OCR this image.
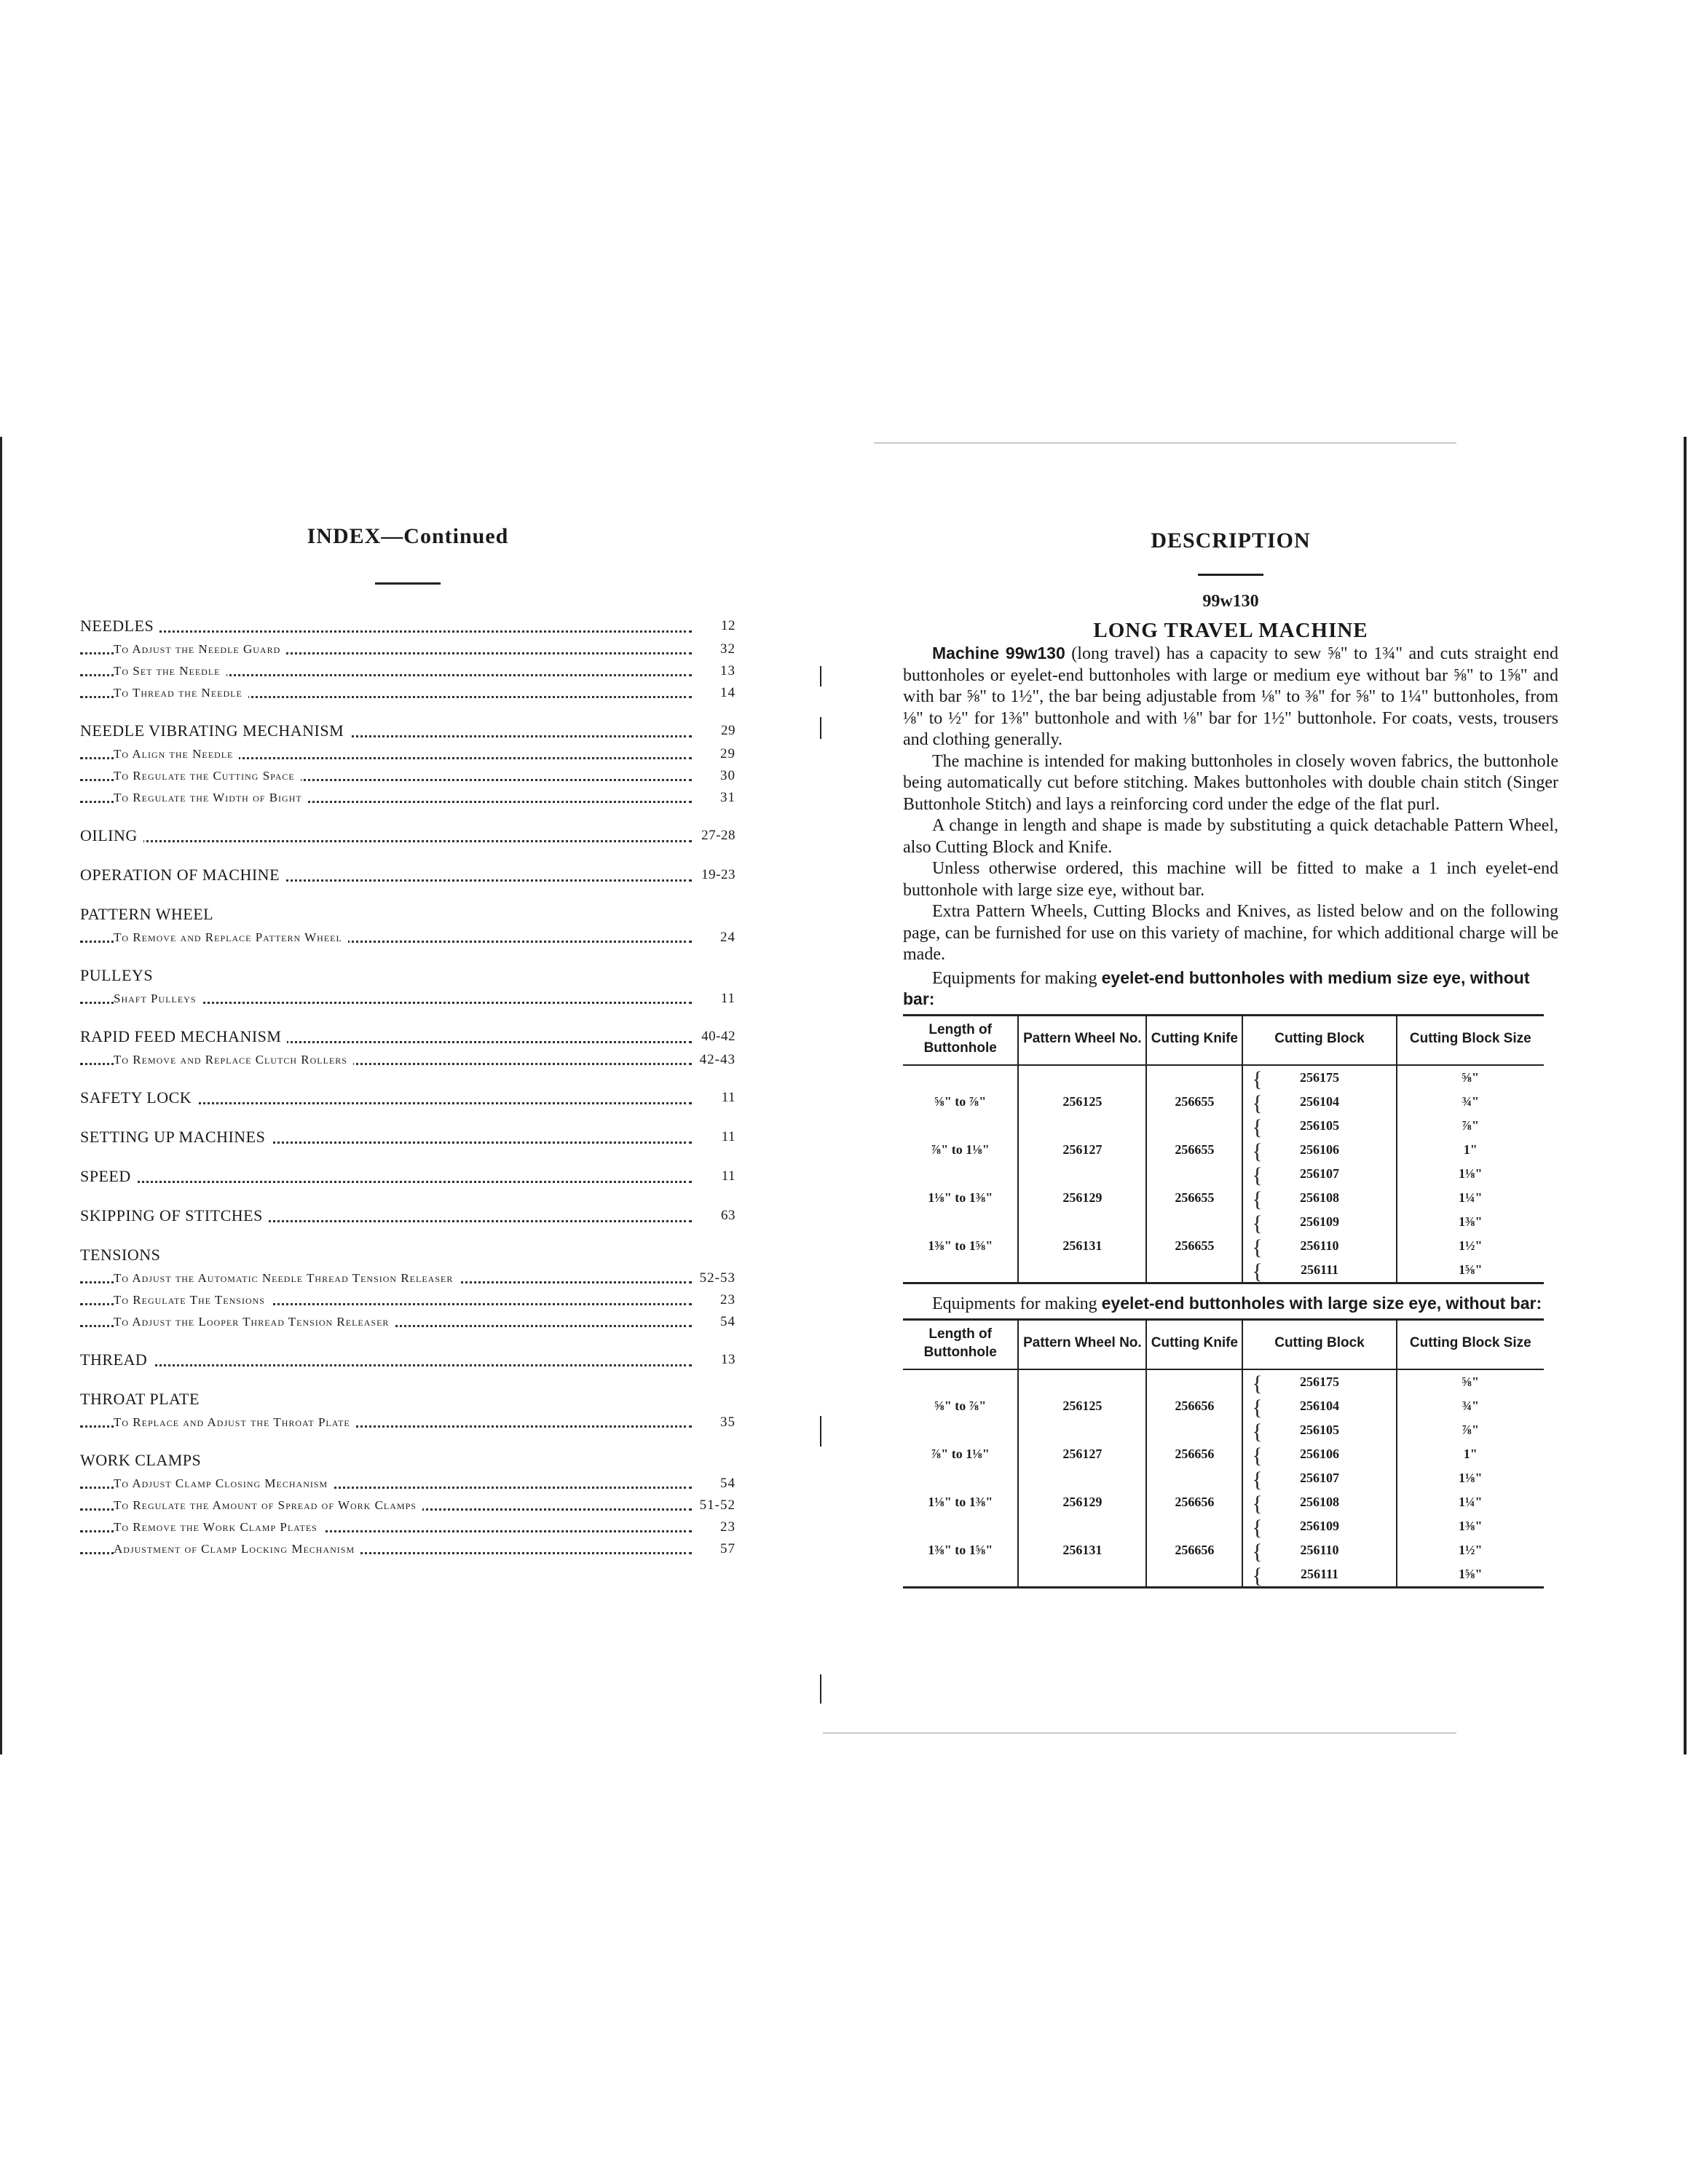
INDEX—Continued
NEEDLES	12
To Adjust the Needle Guard	32
To Set the Needle	13
To Thread the Needle	14
NEEDLE VIBRATING MECHANISM	29
To Align the Needle	29
To Regulate the Cutting Space	30
To Regulate the Width of Bight	31
OILING	27-28
OPERATION OF MACHINE	19-23
PATTERN WHEEL
To Remove and Replace Pattern Wheel	24
PULLEYS
Shaft Pulleys	11
RAPID FEED MECHANISM	40-42
To Remove and Replace Clutch Rollers	42-43
SAFETY LOCK	11
SETTING UP MACHINES	11
SPEED	11
SKIPPING OF STITCHES	63
TENSIONS
To Adjust the Automatic Needle Thread Tension Releaser	52-53
To Regulate The Tensions	23
To Adjust the Looper Thread Tension Releaser	54
THREAD	13
THROAT PLATE
To Replace and Adjust the Throat Plate	35
WORK CLAMPS
To Adjust Clamp Closing Mechanism	54
To Regulate the Amount of Spread of Work Clamps	51-52
To Remove the Work Clamp Plates	23
Adjustment of Clamp Locking Mechanism	57
DESCRIPTION
99w130
LONG TRAVEL MACHINE

Machine 99w130 (long travel) has a capacity to sew ⅝" to 1¾" and cuts straight end buttonholes or eyelet-end buttonholes with large or medium eye without bar ⅝" to 1⅝" and with bar ⅝" to 1½", the bar being adjustable from ⅛" to ⅜" for ⅝" to 1¼" buttonholes, from ⅛" to ½" for 1⅜" buttonhole and with ⅛" bar for 1½" buttonhole. For coats, vests, trousers and clothing generally.

The machine is intended for making buttonholes in closely woven fabrics, the buttonhole being automatically cut before stitching. Makes buttonholes with double chain stitch (Singer Buttonhole Stitch) and lays a reinforcing cord under the edge of the flat purl.

A change in length and shape is made by substituting a quick detachable Pattern Wheel, also Cutting Block and Knife.

Unless otherwise ordered, this machine will be fitted to make a 1 inch eyelet-end buttonhole with large size eye, without bar.

Extra Pattern Wheels, Cutting Blocks and Knives, as listed below and on the following page, can be furnished for use on this variety of machine, for which additional charge will be made.

Equipments for making eyelet-end buttonholes with medium size eye, without bar:

Length of Buttonhole	Pattern Wheel No.	Cutting Knife	Cutting Block	Cutting Block Size

			{ 256175	⅝"
⅝" to ⅞"	256125	256655	{ 256104	¾"

			{ 256105	⅞"
⅞" to 1⅛"	256127	256655	{ 256106	1"

			{ 256107	1⅛"
1⅛" to 1⅜"	256129	256655	{ 256108	1¼"

			{ 256109	1⅜"
1⅜" to 1⅝"	256131	256655	{ 256110	1½"

			{ 256111	1⅝"

Equipments for making eyelet-end buttonholes with large size eye, without bar:

Length of Buttonhole	Pattern Wheel No.	Cutting Knife	Cutting Block	Cutting Block Size

			{ 256175	⅝"
⅝" to ⅞"	256125	256656	{ 256104	¾"

			{ 256105	⅞"
⅞" to 1⅛"	256127	256656	{ 256106	1"

			{ 256107	1⅛"
1⅛" to 1⅜"	256129	256656	{ 256108	1¼"

			{ 256109	1⅜"
1⅜" to 1⅝"	256131	256656	{ 256110	1½"

			{ 256111	1⅝"
